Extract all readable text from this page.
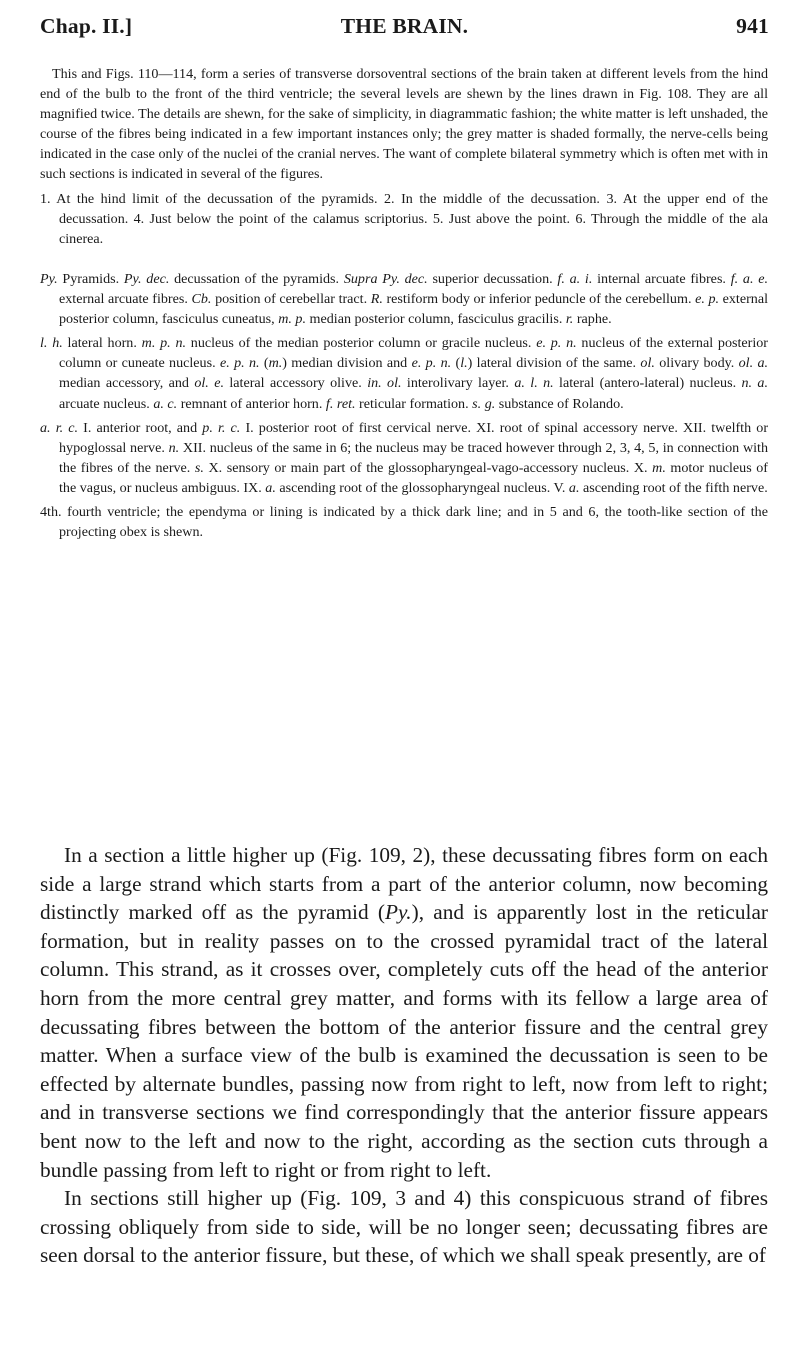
Chap. II.]	THE BRAIN.	941

This and Figs. 110—114, form a series of transverse dorsoventral sections of the brain taken at different levels from the hind end of the bulb to the front of the third ventricle; the several levels are shewn by the lines drawn in Fig. 108. They are all magnified twice. The details are shewn, for the sake of simplicity, in diagrammatic fashion; the white matter is left unshaded, the course of the fibres being indicated in a few important instances only; the grey matter is shaded formally, the nerve-cells being indicated in the case only of the nuclei of the cranial nerves. The want of complete bilateral symmetry which is often met with in such sections is indicated in several of the figures.

1. At the hind limit of the decussation of the pyramids. 2. In the middle of the decussation. 3. At the upper end of the decussation. 4. Just below the point of the calamus scriptorius. 5. Just above the point. 6. Through the middle of the ala cinerea.

Py. Pyramids. Py. dec. decussation of the pyramids. Supra Py. dec. superior decussation. f. a. i. internal arcuate fibres. f. a. e. external arcuate fibres. Cb. position of cerebellar tract. R. restiform body or inferior peduncle of the cerebellum. e. p. external posterior column, fasciculus cuneatus, m. p. median posterior column, fasciculus gracilis. r. raphe.

l. h. lateral horn. m. p. n. nucleus of the median posterior column or gracile nucleus. e. p. n. nucleus of the external posterior column or cuneate nucleus. e. p. n. (m.) median division and e. p. n. (l.) lateral division of the same. ol. olivary body. ol. a. median accessory, and ol. e. lateral accessory olive. in. ol. interolivary layer. a. l. n. lateral (antero-lateral) nucleus. n. a. arcuate nucleus. a. c. remnant of anterior horn. f. ret. reticular formation. s. g. substance of Rolando.

a. r. c. I. anterior root, and p. r. c. I. posterior root of first cervical nerve. XI. root of spinal accessory nerve. XII. twelfth or hypoglossal nerve. n. XII. nucleus of the same in 6; the nucleus may be traced however through 2, 3, 4, 5, in connection with the fibres of the nerve. s. X. sensory or main part of the glossopharyngeal-vago-accessory nucleus. X. m. motor nucleus of the vagus, or nucleus ambiguus. IX. a. ascending root of the glossopharyngeal nucleus. V. a. ascending root of the fifth nerve.

4th. fourth ventricle; the ependyma or lining is indicated by a thick dark line; and in 5 and 6, the tooth-like section of the projecting obex is shewn.

In a section a little higher up (Fig. 109, 2), these decussating fibres form on each side a large strand which starts from a part of the anterior column, now becoming distinctly marked off as the pyramid (Py.), and is apparently lost in the reticular formation, but in reality passes on to the crossed pyramidal tract of the lateral column. This strand, as it crosses over, completely cuts off the head of the anterior horn from the more central grey matter, and forms with its fellow a large area of decussating fibres between the bottom of the anterior fissure and the central grey matter. When a surface view of the bulb is examined the decussation is seen to be effected by alternate bundles, passing now from right to left, now from left to right; and in transverse sections we find correspondingly that the anterior fissure appears bent now to the left and now to the right, according as the section cuts through a bundle passing from left to right or from right to left.

In sections still higher up (Fig. 109, 3 and 4) this conspicuous strand of fibres crossing obliquely from side to side, will be no longer seen; decussating fibres are seen dorsal to the anterior fissure, but these, of which we shall speak presently, are of
